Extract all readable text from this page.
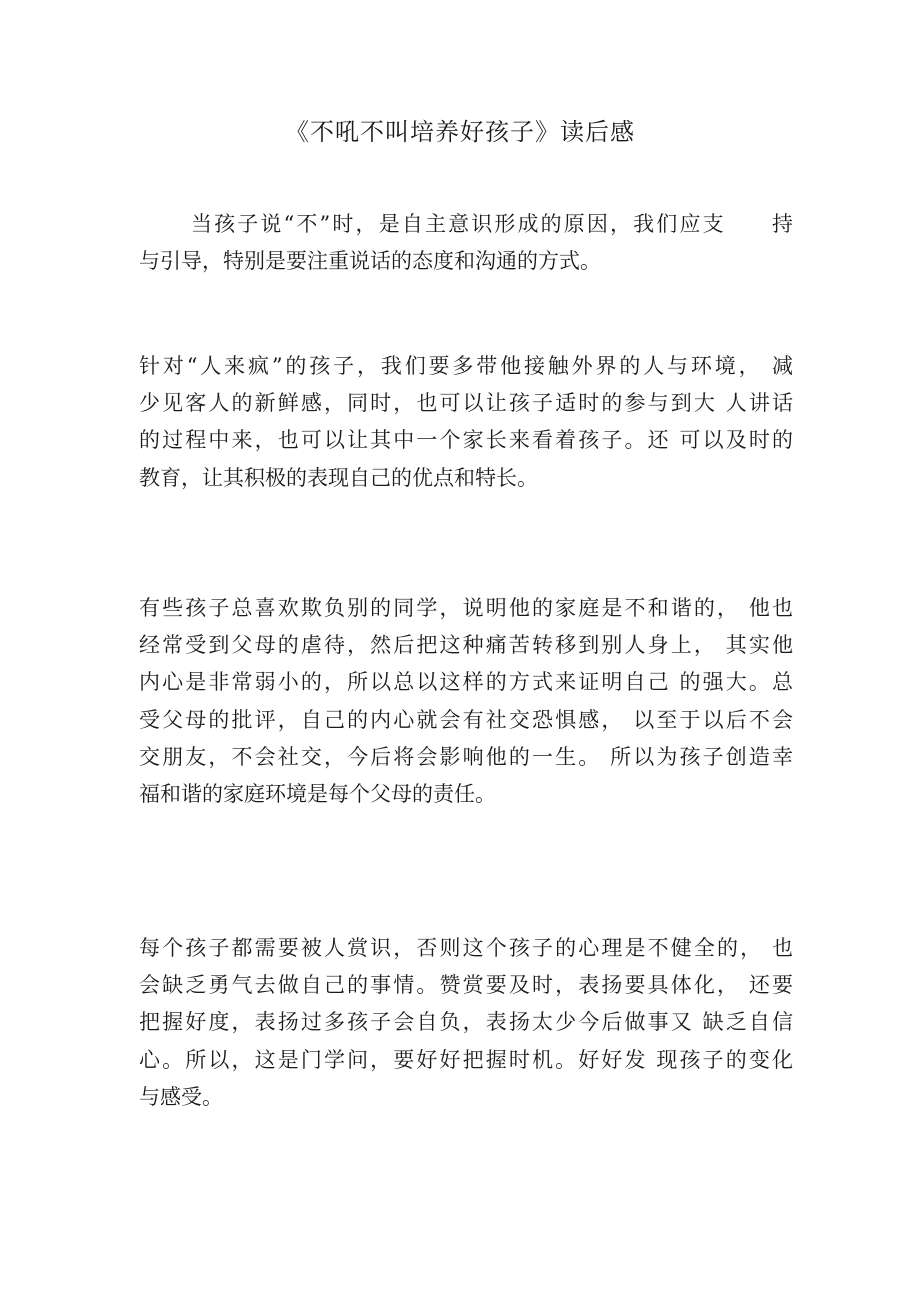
《不吼不叫培养好孩子》读后感
当孩子说“不”时，是自主意识形成的原因，我们应支　　持
与引导，特别是要注重说话的态度和沟通的方式。
针对“人来疯”的孩子，我们要多带他接触外界的人与环境， 减
少见客人的新鲜感，同时，也可以让孩子适时的参与到大 人讲话
的过程中来，也可以让其中一个家长来看着孩子。还 可以及时的
教育，让其积极的表现自己的优点和特长。
有些孩子总喜欢欺负别的同学，说明他的家庭是不和谐的， 他也
经常受到父母的虐待，然后把这种痛苦转移到别人身上， 其实他
内心是非常弱小的，所以总以这样的方式来证明自己 的强大。总
受父母的批评，自己的内心就会有社交恐惧感， 以至于以后不会
交朋友，不会社交，今后将会影响他的一生。 所以为孩子创造幸
福和谐的家庭环境是每个父母的责任。
每个孩子都需要被人赏识，否则这个孩子的心理是不健全的， 也
会缺乏勇气去做自己的事情。赞赏要及时，表扬要具体化， 还要
把握好度，表扬过多孩子会自负，表扬太少今后做事又 缺乏自信
心。所以，这是门学问，要好好把握时机。好好发 现孩子的变化
与感受。
